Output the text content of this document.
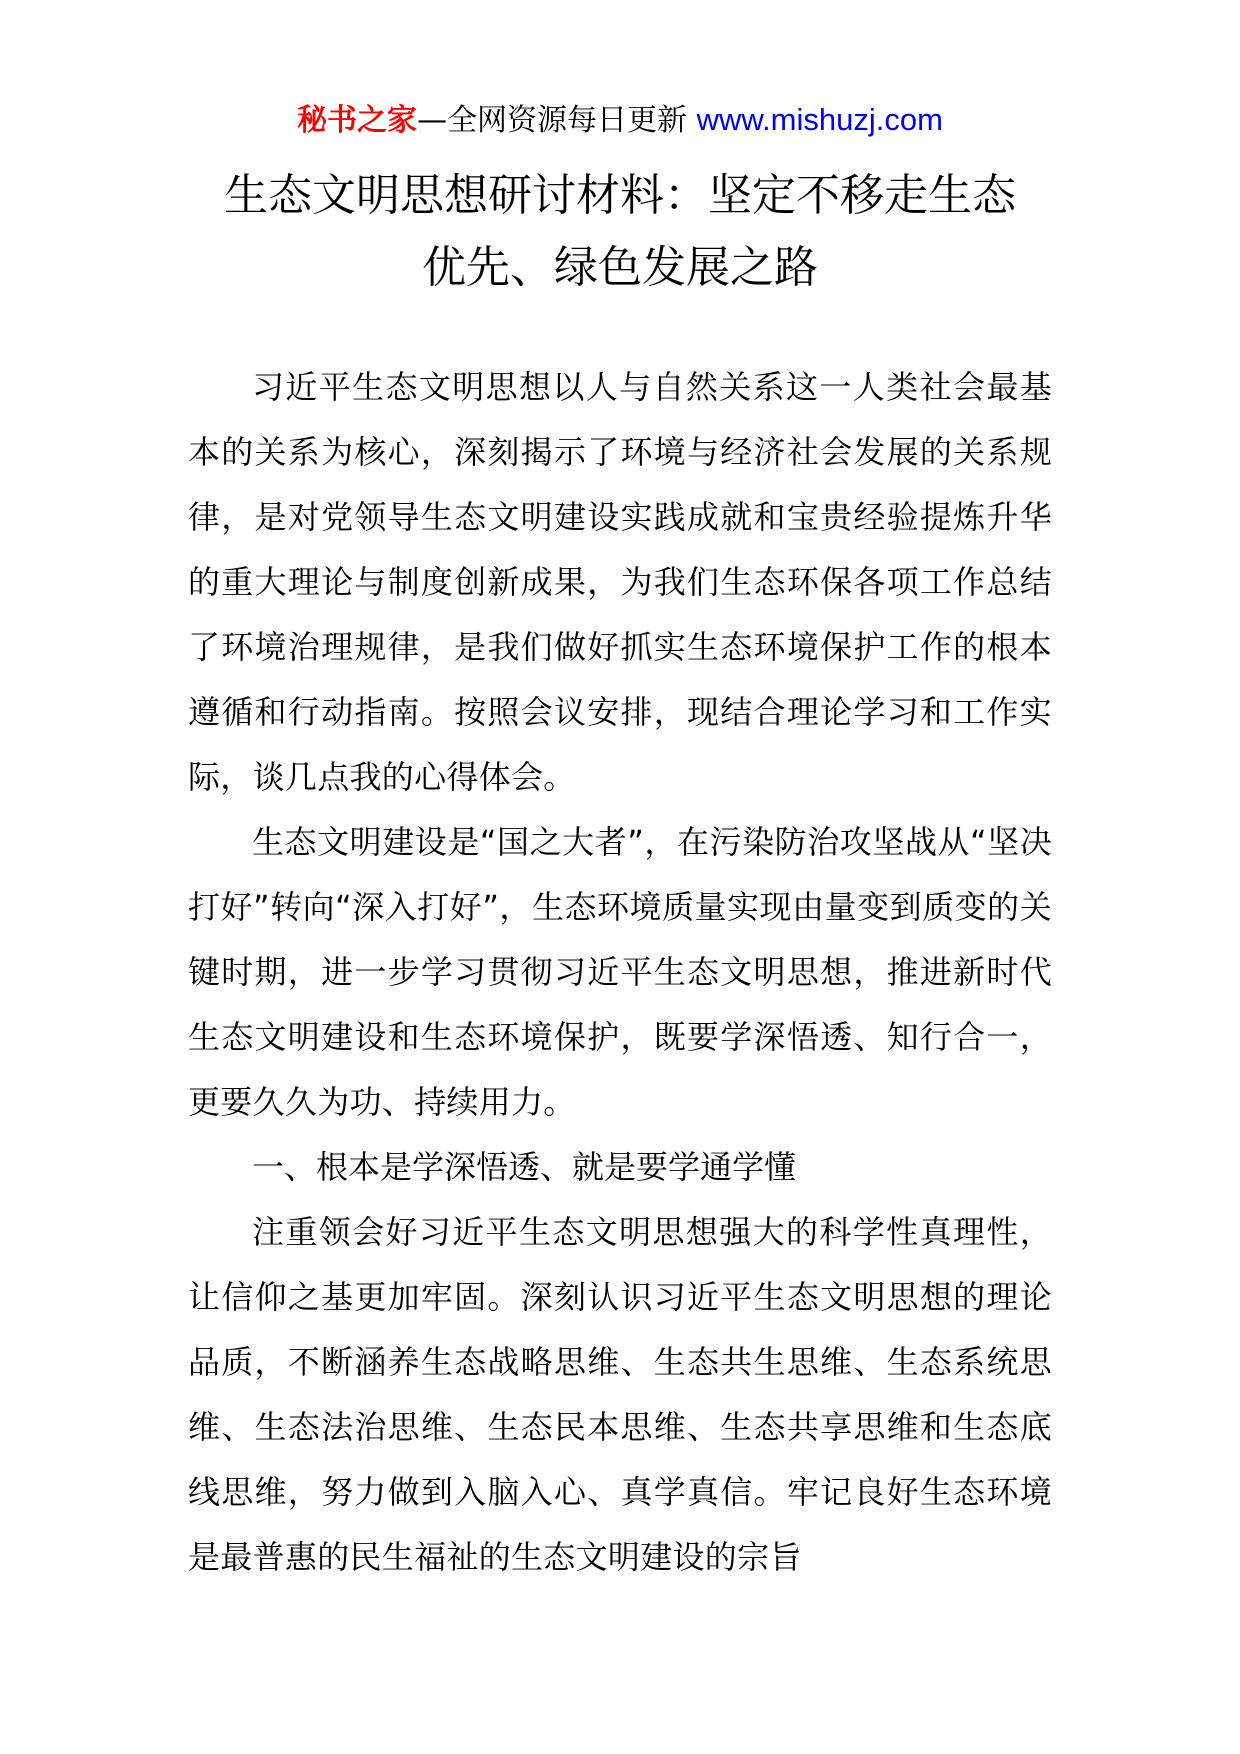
秘书之家—全网资源每日更新 www.mishuzj.com
生态文明思想研讨材料：坚定不移走生态
优先、绿色发展之路

习近平生态文明思想以人与自然关系这一人类社会最基本的关系为核心，深刻揭示了环境与经济社会发展的关系规律，是对党领导生态文明建设实践成就和宝贵经验提炼升华的重大理论与制度创新成果，为我们生态环保各项工作总结了环境治理规律，是我们做好抓实生态环境保护工作的根本遵循和行动指南。按照会议安排，现结合理论学习和工作实际，谈几点我的心得体会。

生态文明建设是“国之大者”，在污染防治攻坚战从“坚决打好”转向“深入打好”，生态环境质量实现由量变到质变的关键时期，进一步学习贯彻习近平生态文明思想，推进新时代生态文明建设和生态环境保护，既要学深悟透、知行合一，更要久久为功、持续用力。

一、根本是学深悟透、就是要学通学懂

注重领会好习近平生态文明思想强大的科学性真理性，让信仰之基更加牢固。深刻认识习近平生态文明思想的理论品质，不断涵养生态战略思维、生态共生思维、生态系统思维、生态法治思维、生态民本思维、生态共享思维和生态底线思维，努力做到入脑入心、真学真信。牢记良好生态环境是最普惠的民生福祉的生态文明建设的宗旨
